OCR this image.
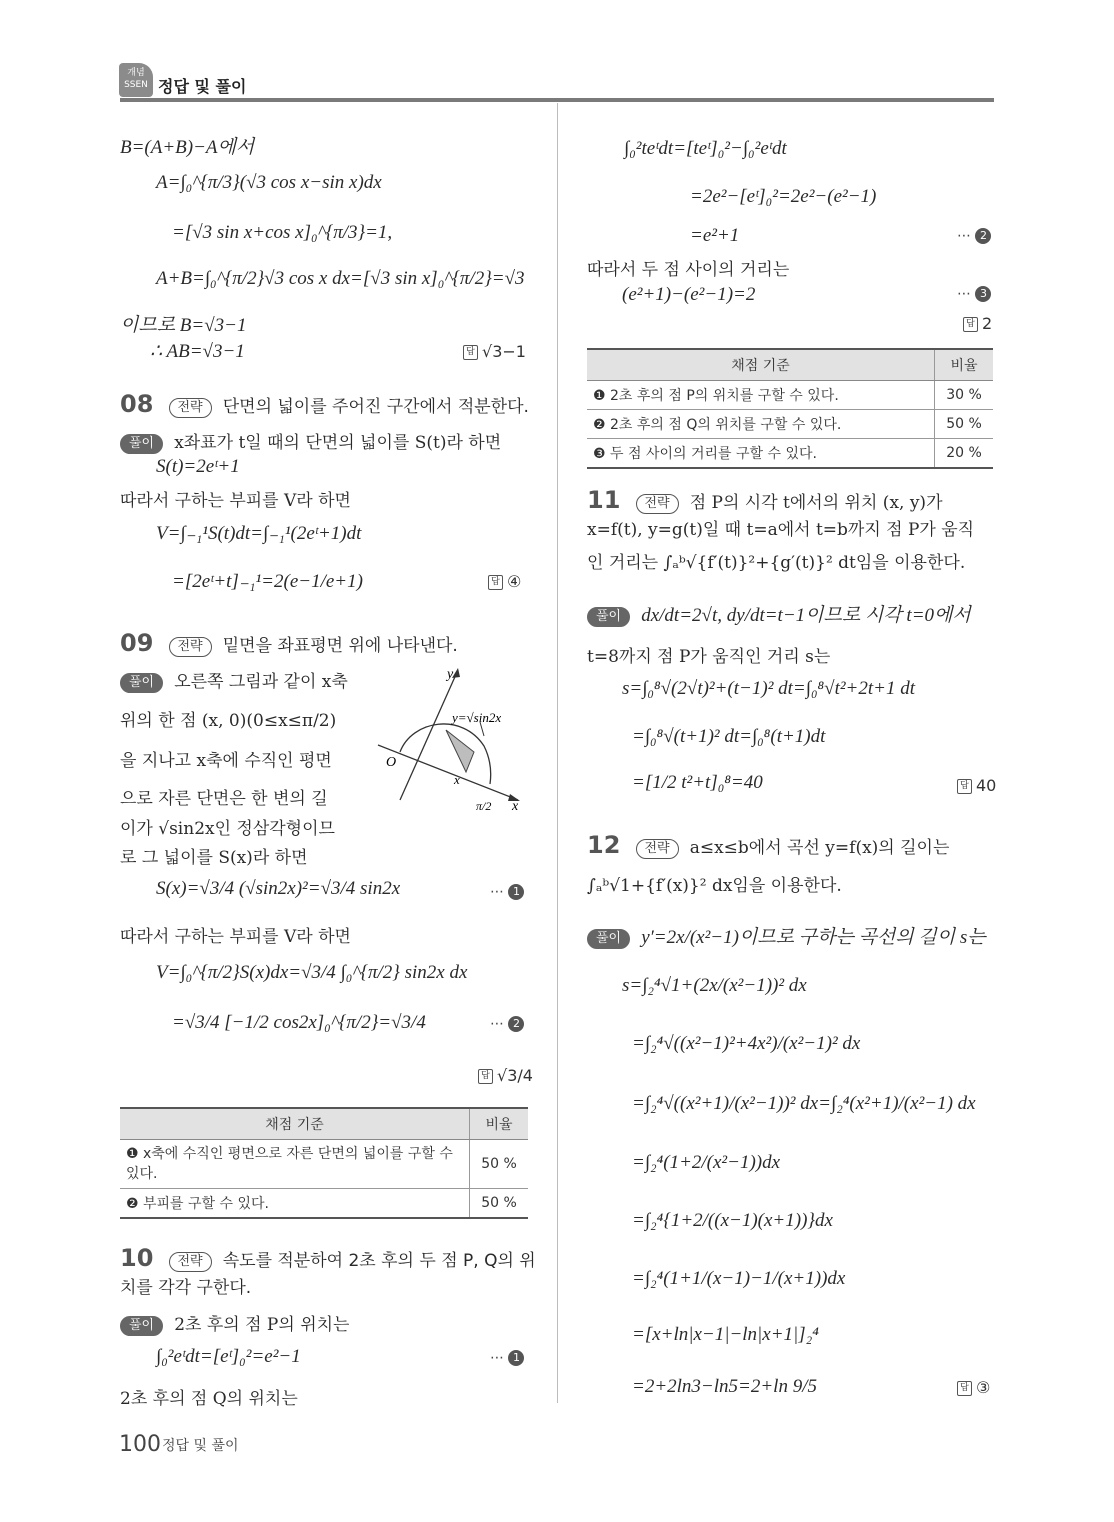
개념 SSEN 정답 및 풀이
B=(A+B)−A에서
A=∫₀^{π/3}(√3 cos x−sin x)dx
=[√3 sin x+cos x]₀^{π/3}=1,
A+B=∫₀^{π/2}√3 cos x dx=[√3 sin x]₀^{π/2}=√3
이므로 B=√3−1
∴ AB=√3−1	답 √3−1
08 전략 단면의 넓이를 주어진 구간에서 적분한다.
풀이 x좌표가 t일 때의 단면의 넓이를 S(t)라 하면
S(t)=2eᵗ+1
따라서 구하는 부피를 V라 하면
V=∫₋₁¹S(t)dt=∫₋₁¹(2eᵗ+1)dt
=[2eᵗ+t]₋₁¹=2(e−1/e+1)	답 ④
09 전략 밑면을 좌표평면 위에 나타낸다.
풀이 오른쪽 그림과 같이 x축
위의 한 점 (x, 0)(0≤x≤π/2)
을 지나고 x축에 수직인 평면
으로 자른 단면은 한 변의 길
이가 √sin2x인 정삼각형이므
로 그 넓이를 S(x)라 하면
y
x
O
y=√sin2x
x
π/2
S(x)=√3/4 (√sin2x)²=√3/4 sin2x	⋯ 1
따라서 구하는 부피를 V라 하면
V=∫₀^{π/2}S(x)dx=√3/4 ∫₀^{π/2} sin2x dx
=√3/4 [−1/2 cos2x]₀^{π/2}=√3/4	⋯ 2
답 √3/4
채점 기준	비율
❶ x축에 수직인 평면으로 자른 단면의 넓이를 구할 수 있다.	50 %
❷ 부피를 구할 수 있다.	50 %
10 전략 속도를 적분하여 2초 후의 두 점 P, Q의 위
치를 각각 구한다.
풀이 2초 후의 점 P의 위치는
∫₀²eᵗdt=[eᵗ]₀²=e²−1	⋯ 1
2초 후의 점 Q의 위치는
∫₀²teᵗdt=[teᵗ]₀²−∫₀²eᵗdt
=2e²−[eᵗ]₀²=2e²−(e²−1)
=e²+1	⋯ 2
따라서 두 점 사이의 거리는
(e²+1)−(e²−1)=2	⋯ 3
답 2
채점 기준	비율
❶ 2초 후의 점 P의 위치를 구할 수 있다.	30 %
❷ 2초 후의 점 Q의 위치를 구할 수 있다.	50 %
❸ 두 점 사이의 거리를 구할 수 있다.	20 %
11 전략 점 P의 시각 t에서의 위치 (x, y)가
x=f(t), y=g(t)일 때 t=a에서 t=b까지 점 P가 움직
인 거리는 ∫ₐᵇ√{f′(t)}²+{g′(t)}² dt임을 이용한다.
풀이 dx/dt=2√t, dy/dt=t−1이므로 시각 t=0에서
t=8까지 점 P가 움직인 거리 s는
s=∫₀⁸√(2√t)²+(t−1)² dt=∫₀⁸√t²+2t+1 dt
=∫₀⁸√(t+1)² dt=∫₀⁸(t+1)dt
=[1/2 t²+t]₀⁸=40	답 40
12 전략 a≤x≤b에서 곡선 y=f(x)의 길이는
∫ₐᵇ√1+{f′(x)}² dx임을 이용한다.
풀이 y′=2x/(x²−1)이므로 구하는 곡선의 길이 s는
s=∫₂⁴√1+(2x/(x²−1))² dx
=∫₂⁴√((x²−1)²+4x²)/(x²−1)² dx
=∫₂⁴√((x²+1)/(x²−1))² dx=∫₂⁴(x²+1)/(x²−1) dx
=∫₂⁴(1+2/(x²−1))dx
=∫₂⁴{1+2/((x−1)(x+1))}dx
=∫₂⁴(1+1/(x−1)−1/(x+1))dx
=[x+ln|x−1|−ln|x+1|]₂⁴
=2+2ln3−ln5=2+ln 9/5	답 ③
100 정답 및 풀이
